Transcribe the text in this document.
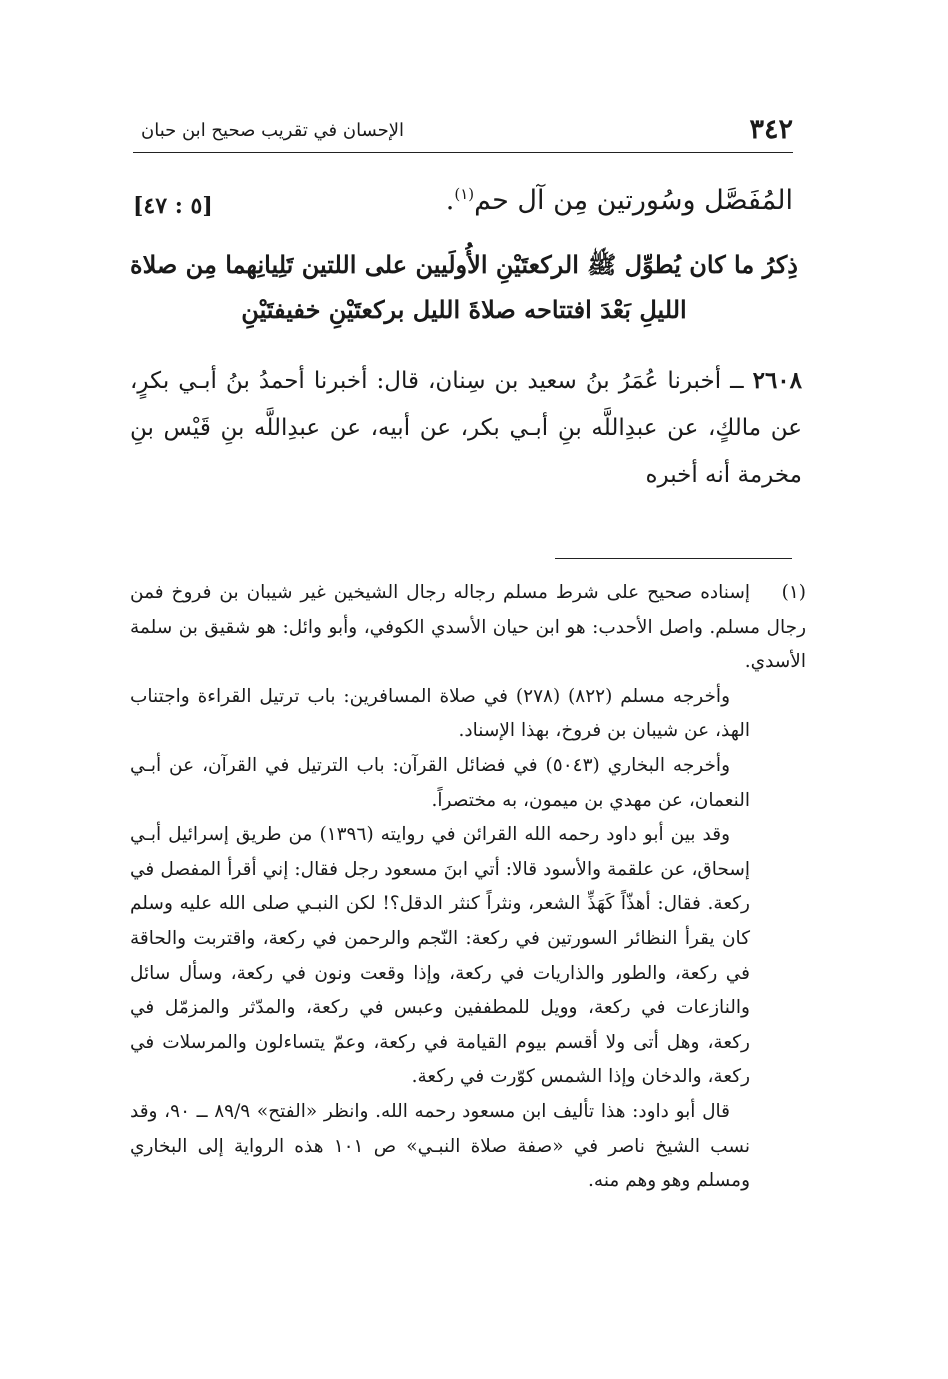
٣٤٢
الإحسان في تقريب صحيح ابن حبان
المُفَصَّل وسُورتين مِن آل حم$^{(١)}$.
[٥ : ٤٧]
ذِكرُ ما كان يُطوِّل ﷺ الركعتَيْنِ الأُولَيين على اللتين تَلِيانِهما مِن صلاة الليلِ بَعْدَ افتتاحه صلاةَ الليل بركعتَيْنِ خفيفتَيْنِ
٢٦٠٨ ــ أخبرنا عُمَرُ بنُ سعيد بن سِنان، قال: أخبرنا أحمدُ بنُ أبـي بكرٍ، عن مالكٍ، عن عبدِاللَّه بنِ أبـي بكر، عن أبيه، عن عبدِاللَّه بنِ قَيْس بنِ مخرمة أنه أخبره

(١)إسناده صحيح على شرط مسلم رجاله رجال الشيخين غير شيبان بن فروخ فمن رجال مسلم. واصل الأحدب: هو ابن حيان الأسدي الكوفي، وأبو وائل: هو شقيق بن سلمة الأسدي.

وأخرجه مسلم (٨٢٢) (٢٧٨) في صلاة المسافرين: باب ترتيل القراءة واجتناب الهذ، عن شيبان بن فروخ، بهذا الإسناد.

وأخرجه البخاري (٥٠٤٣) في فضائل القرآن: باب الترتيل في القرآن، عن أبـي النعمان، عن مهدي بن ميمون، به مختصراً.

وقد بين أبو داود رحمه الله القرائن في روايته (١٣٩٦) من طريق إسرائيل أبـي إسحاق، عن علقمة والأسود قالا: أتي ابنَ مسعود رجل فقال: إني أقرأ المفصل في ركعة. فقال: أهذّاً كَهَذِّ الشعر، ونثراً كنثر الدقل؟! لكن النبـي صلى الله عليه وسلم كان يقرأ النظائر السورتين في ركعة: النّجم والرحمن في ركعة، واقتربت والحاقة في ركعة، والطور والذاريات في ركعة، وإذا وقعت ونون في ركعة، وسأل سائل والنازعات في ركعة، وويل للمطففين وعبس في ركعة، والمدّثر والمزمّل في ركعة، وهل أتى ولا أقسم بيوم القيامة في ركعة، وعمّ يتساءلون والمرسلات في ركعة، والدخان وإذا الشمس كوّرت في ركعة.

قال أبو داود: هذا تأليف ابن مسعود رحمه الله. وانظر «الفتح» ٨٩/٩ ــ ٩٠، وقد نسب الشيخ ناصر في «صفة صلاة النبـي» ص ١٠١ هذه الرواية إلى البخاري ومسلم وهو وهم منه.
